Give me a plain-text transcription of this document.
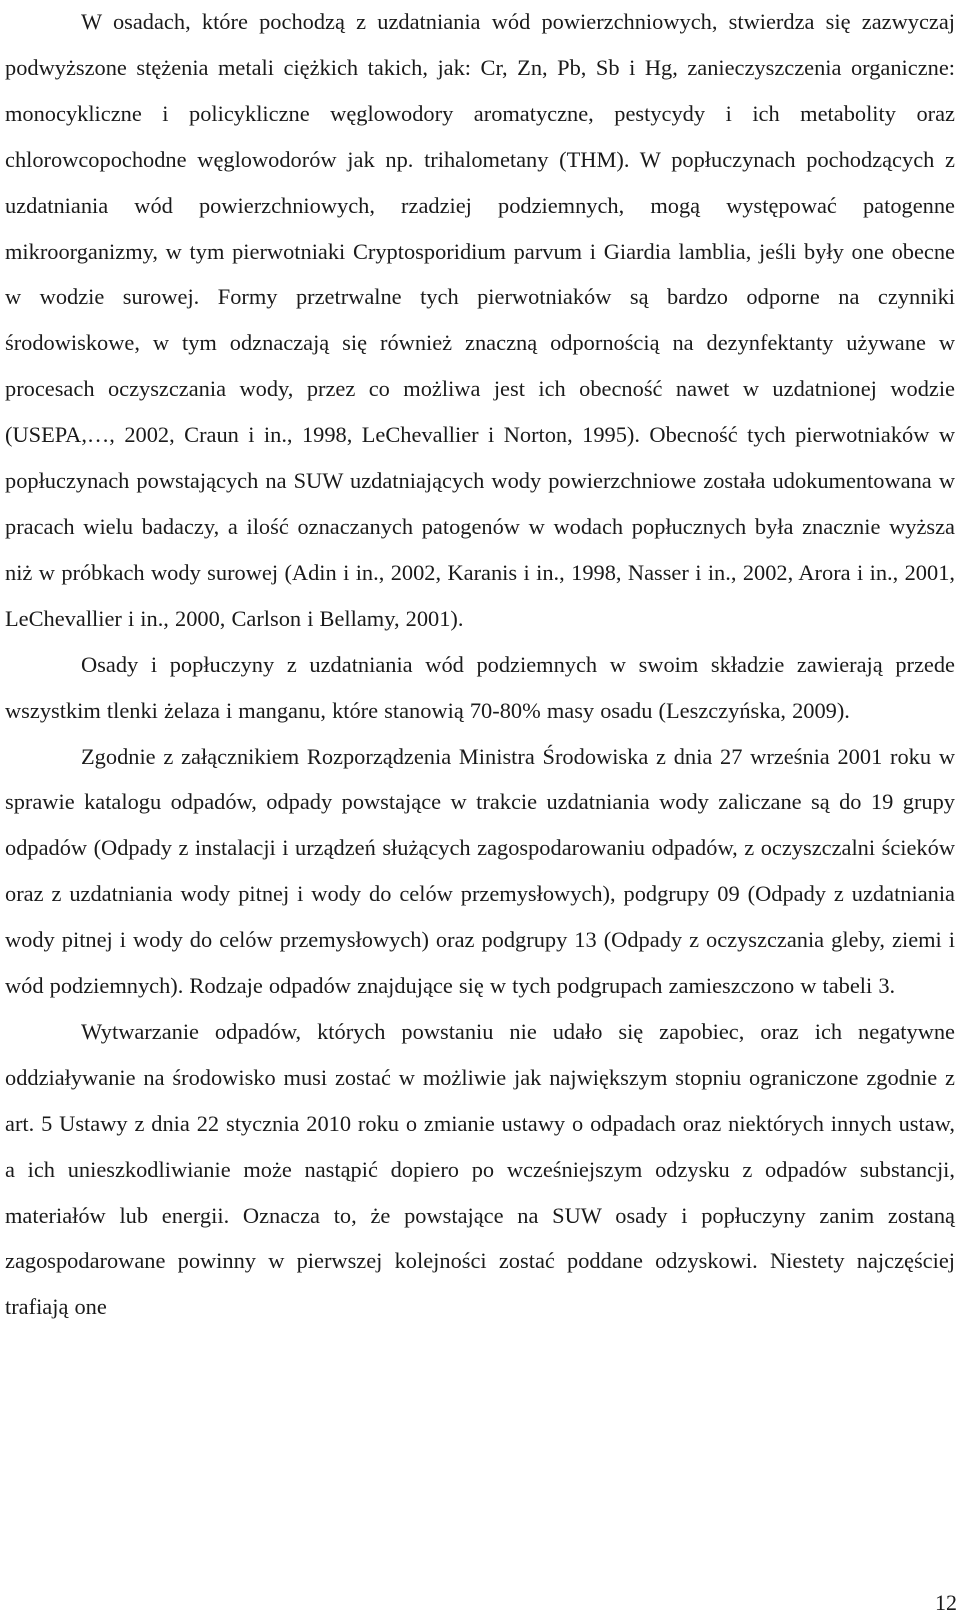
W osadach, które pochodzą z uzdatniania wód powierzchniowych, stwierdza się zazwyczaj podwyższone stężenia metali ciężkich takich, jak: Cr, Zn, Pb, Sb i Hg, zanieczyszczenia organiczne: monocykliczne i policykliczne węglowodory aromatyczne, pestycydy i ich metabolity oraz chlorowcopochodne węglowodorów jak np. trihalometany (THM). W popłuczynach pochodzących z uzdatniania wód powierzchniowych, rzadziej podziemnych, mogą występować patogenne mikroorganizmy, w tym pierwotniaki Cryptosporidium parvum i Giardia lamblia, jeśli były one obecne w wodzie surowej. Formy przetrwalne tych pierwotniaków są bardzo odporne na czynniki środowiskowe, w tym odznaczają się również znaczną odpornością na dezynfektanty używane w procesach oczyszczania wody, przez co możliwa jest ich obecność nawet w uzdatnionej wodzie (USEPA,…, 2002, Craun i in., 1998, LeChevallier i Norton, 1995). Obecność tych pierwotniaków w popłuczynach powstających na SUW uzdatniających wody powierzchniowe została udokumentowana w pracach wielu badaczy, a ilość oznaczanych patogenów w wodach popłucznych była znacznie wyższa niż w próbkach wody surowej (Adin i in., 2002, Karanis i in., 1998, Nasser i in., 2002, Arora i in., 2001, LeChevallier i in., 2000, Carlson i Bellamy, 2001).

Osady i popłuczyny z uzdatniania wód podziemnych w swoim składzie zawierają przede wszystkim tlenki żelaza i manganu, które stanowią 70-80% masy osadu (Leszczyńska, 2009).

Zgodnie z załącznikiem Rozporządzenia Ministra Środowiska z dnia 27 września 2001 roku w sprawie katalogu odpadów, odpady powstające w trakcie uzdatniania wody zaliczane są do 19 grupy odpadów (Odpady z instalacji i urządzeń służących zagospodarowaniu odpadów, z oczyszczalni ścieków oraz z uzdatniania wody pitnej i wody do celów przemysłowych), podgrupy 09 (Odpady z uzdatniania wody pitnej i wody do celów przemysłowych) oraz podgrupy 13 (Odpady z oczyszczania gleby, ziemi i wód podziemnych). Rodzaje odpadów znajdujące się w tych podgrupach zamieszczono w tabeli 3.

Wytwarzanie odpadów, których powstaniu nie udało się zapobiec, oraz ich negatywne oddziaływanie na środowisko musi zostać w możliwie jak największym stopniu ograniczone zgodnie z art. 5 Ustawy z dnia 22 stycznia 2010 roku o zmianie ustawy o odpadach oraz niektórych innych ustaw, a ich unieszkodliwianie może nastąpić dopiero po wcześniejszym odzysku z odpadów substancji, materiałów lub energii. Oznacza to, że powstające na SUW osady i popłuczyny zanim zostaną zagospodarowane powinny w pierwszej kolejności zostać poddane odzyskowi. Niestety najczęściej trafiają one

12
